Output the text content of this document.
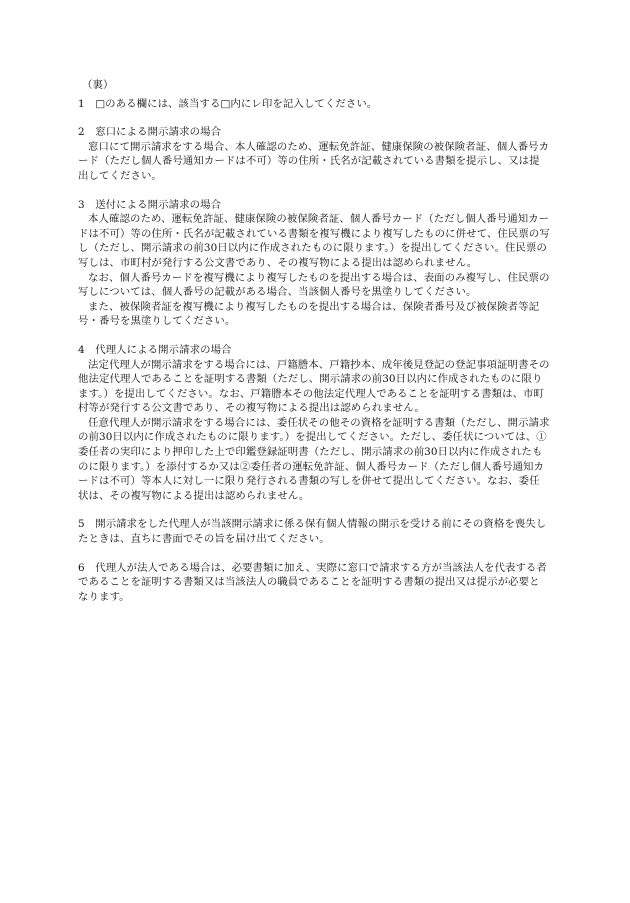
（裏）

1　□のある欄には、該当する□内にレ印を記入してください。

2　窓口による開示請求の場合

窓口にて開示請求をする場合、本人確認のため、運転免許証、健康保険の被保険者証、個人番号カード（ただし個人番号通知カードは不可）等の住所・氏名が記載されている書類を提示し、又は提出してください。

3　送付による開示請求の場合

本人確認のため、運転免許証、健康保険の被保険者証、個人番号カード（ただし個人番号通知カードは不可）等の住所・氏名が記載されている書類を複写機により複写したものに併せて、住民票の写し（ただし、開示請求の前30日以内に作成されたものに限ります。）を提出してください。住民票の写しは、市町村が発行する公文書であり、その複写物による提出は認められません。

なお、個人番号カードを複写機により複写したものを提出する場合は、表面のみ複写し、住民票の写しについては、個人番号の記載がある場合、当該個人番号を黒塗りしてください。

また、被保険者証を複写機により複写したものを提出する場合は、保険者番号及び被保険者等記号・番号を黒塗りしてください。

4　代理人による開示請求の場合

法定代理人が開示請求をする場合には、戸籍謄本、戸籍抄本、成年後見登記の登記事項証明書その他法定代理人であることを証明する書類（ただし、開示請求の前30日以内に作成されたものに限ります。）を提出してください。なお、戸籍謄本その他法定代理人であることを証明する書類は、市町村等が発行する公文書であり、その複写物による提出は認められません。

任意代理人が開示請求をする場合には、委任状その他その資格を証明する書類（ただし、開示請求の前30日以内に作成されたものに限ります。）を提出してください。ただし、委任状については、①委任者の実印により押印した上で印鑑登録証明書（ただし、開示請求の前30日以内に作成されたものに限ります。）を添付するか又は②委任者の運転免許証、個人番号カード（ただし個人番号通知カードは不可）等本人に対し一に限り発行される書類の写しを併せて提出してください。なお、委任状は、その複写物による提出は認められません。

5　開示請求をした代理人が当該開示請求に係る保有個人情報の開示を受ける前にその資格を喪失したときは、直ちに書面でその旨を届け出てください。

6　代理人が法人である場合は、必要書類に加え、実際に窓口で請求する方が当該法人を代表する者であることを証明する書類又は当該法人の職員であることを証明する書類の提出又は提示が必要となります。
